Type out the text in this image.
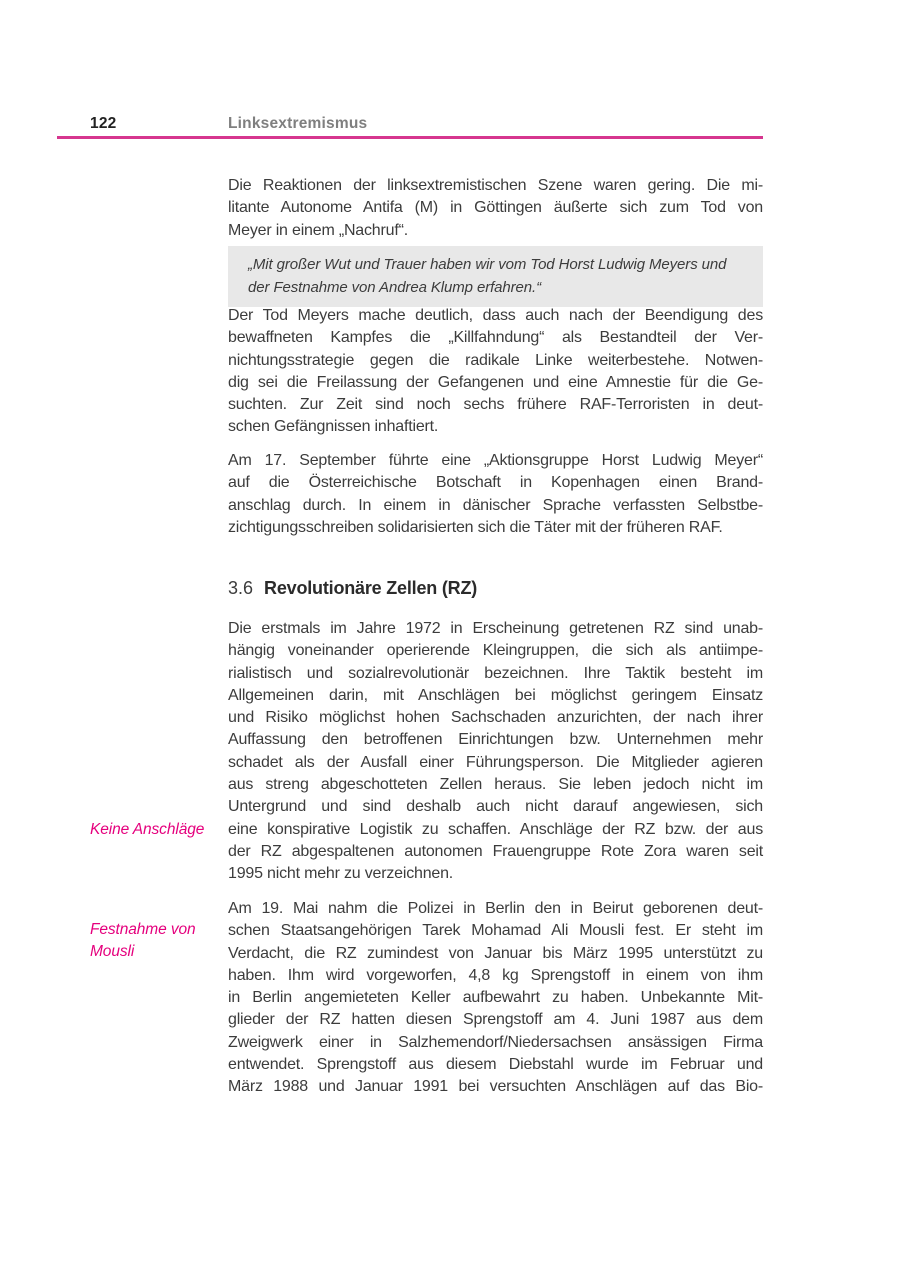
122	Linksextremismus
Die Reaktionen der linksextremistischen Szene waren gering. Die mi-
litante Autonome Antifa (M) in Göttingen äußerte sich zum Tod von
Meyer in einem „Nachruf“.
„Mit großer Wut und Trauer haben wir vom Tod Horst Ludwig Meyers und
der Festnahme von Andrea Klump erfahren.“
Der Tod Meyers mache deutlich, dass auch nach der Beendigung des
bewaffneten Kampfes die „Killfahndung“ als Bestandteil der Ver-
nichtungsstrategie gegen die radikale Linke weiterbestehe. Notwen-
dig sei die Freilassung der Gefangenen und eine Amnestie für die Ge-
suchten. Zur Zeit sind noch sechs frühere RAF-Terroristen in deut-
schen Gefängnissen inhaftiert.
Am 17. September führte eine „Aktionsgruppe Horst Ludwig Meyer“
auf die Österreichische Botschaft in Kopenhagen einen Brand-
anschlag durch. In einem in dänischer Sprache verfassten Selbstbe-
zichtigungsschreiben solidarisierten sich die Täter mit der früheren RAF.
3.6 Revolutionäre Zellen (RZ)
Die erstmals im Jahre 1972 in Erscheinung getretenen RZ sind unab-
hängig voneinander operierende Kleingruppen, die sich als antiimpe-
rialistisch und sozialrevolutionär bezeichnen. Ihre Taktik besteht im
Allgemeinen darin, mit Anschlägen bei möglichst geringem Einsatz
und Risiko möglichst hohen Sachschaden anzurichten, der nach ihrer
Auffassung den betroffenen Einrichtungen bzw. Unternehmen mehr
schadet als der Ausfall einer Führungsperson. Die Mitglieder agieren
aus streng abgeschotteten Zellen heraus. Sie leben jedoch nicht im
Untergrund und sind deshalb auch nicht darauf angewiesen, sich
eine konspirative Logistik zu schaffen. Anschläge der RZ bzw. der aus
der RZ abgespaltenen autonomen Frauengruppe Rote Zora waren seit
1995 nicht mehr zu verzeichnen.
Am 19. Mai nahm die Polizei in Berlin den in Beirut geborenen deut-
schen Staatsangehörigen Tarek Mohamad Ali Mousli fest. Er steht im
Verdacht, die RZ zumindest von Januar bis März 1995 unterstützt zu
haben. Ihm wird vorgeworfen, 4,8 kg Sprengstoff in einem von ihm
in Berlin angemieteten Keller aufbewahrt zu haben. Unbekannte Mit-
glieder der RZ hatten diesen Sprengstoff am 4. Juni 1987 aus dem
Zweigwerk einer in Salzhemendorf/Niedersachsen ansässigen Firma
entwendet. Sprengstoff aus diesem Diebstahl wurde im Februar und
März 1988 und Januar 1991 bei versuchten Anschlägen auf das Bio-
Keine Anschläge
Festnahme von
Mousli
